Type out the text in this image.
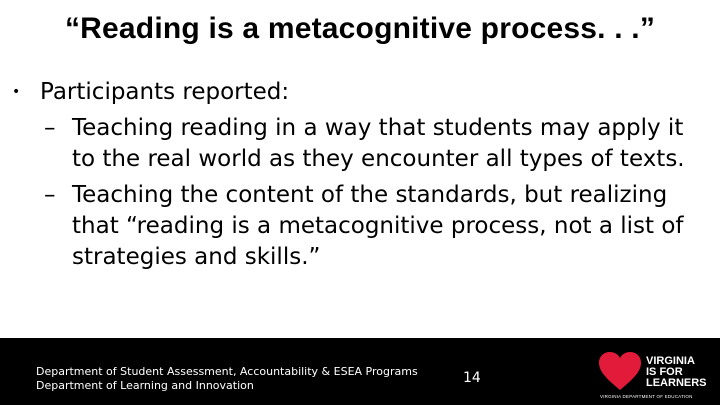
“Reading is a metacognitive process. . .”
• Participants reported:
– Teaching reading in a way that students may apply it to the real world as they encounter all types of texts.
– Teaching the content of the standards, but realizing that “reading is a metacognitive process, not a list of strategies and skills.”
Department of Student Assessment, Accountability & ESEA Programs
Department of Learning and Innovation	14
VIRGINIA
IS FOR
LEARNERS
VIRGINIA DEPARTMENT OF EDUCATION
